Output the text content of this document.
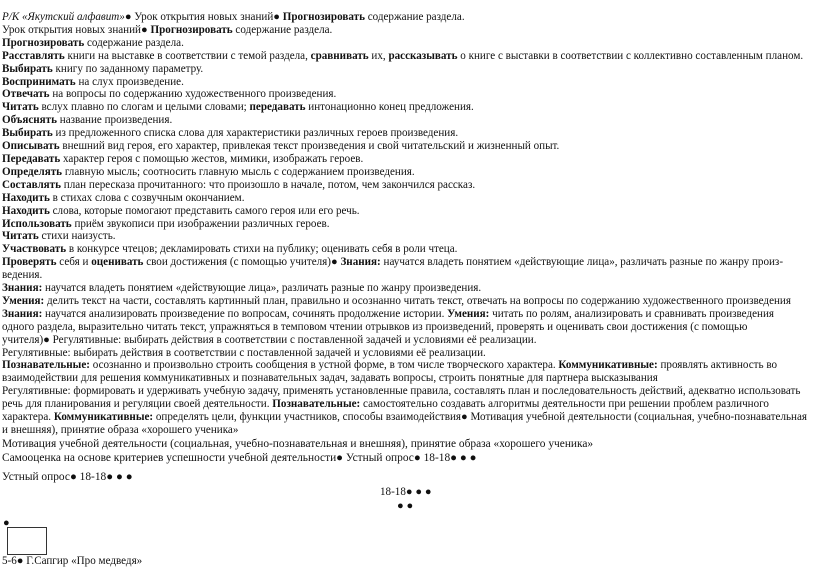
Р/К «Якутский алфавит»● Урок открытия новых знаний● Прогнозировать содержание раздела.

Урок открытия новых знаний● Прогнозировать содержание раздела.

Прогнозировать содержание раздела.

Расставлять книги на выставке в соответствии с темой раздела, сравнивать их, рассказывать о книге с выставки в соответствии с коллективно составленным планом.

Выбирать книгу по заданному параметру.

Воспринимать на слух произведение.

Отвечать на вопросы по содержанию художественного произведения.

Читать вслух плавно по слогам и целыми словами; передавать интонационно конец предложения.

Объяснять название произведения.

Выбирать из предложенного списка слова для характеристики различных героев произведения.

Описывать внешний вид героя, его характер, привлекая текст произведения и свой читательский и жизненный опыт.

Передавать характер героя с помощью жестов, мимики, изображать героев.

Определять главную мысль; соотносить главную мысль с содержанием произведения.

Составлять план пересказа прочитанного: что произошло в начале, потом, чем закончился рассказ.

Находить в стихах слова с созвучным окончанием.

Находить слова, которые помогают представить самого героя или его речь.

Использовать приём звукописи при изображении различных героев.

Читать стихи наизусть.

Участвовать в конкурсе чтецов; декламировать стихи на публику; оценивать себя в роли чтеца.

Проверять себя и оценивать свои достижения (с помощью учителя)● Знания: научатся владеть понятием «действующие лица», различать разные по жанру произ-

ведения.

Знания: научатся владеть понятием «действующие лица», различать разные по жанру произведения.

Умения: делить текст на части, составлять картинный план, правильно и осознанно читать текст, отвечать на вопросы по содержанию художественного произведения

Знания: научатся анализировать произведение по вопросам, сочинять продолжение истории. Умения: читать по ролям, анализировать и сравнивать произведения

одного раздела, выразительно читать текст, упражняться в темповом чтении отрывков из произведений, проверять и оценивать свои достижения (с помощью

учителя)● Регулятивные: выбирать действия в соответствии с поставленной задачей и условиями её реализации.

Регулятивные: выбирать действия в соответствии с поставленной задачей и условиями её реализации.

Познавательные: осознанно и произвольно строить сообщения в устной форме, в том числе творческого характера. Коммуникативные: проявлять активность во

взаимодействии для решения коммуникативных и познавательных задач, задавать вопросы, строить понятные для партнера высказывания

Регулятивные: формировать и удерживать учебную задачу, применять установленные правила, составлять план и последовательность действий, адекватно использовать

речь для планирования и регуляции своей деятельности. Познавательные: самостоятельно создавать алгоритмы деятельности при решении проблем различного

характера. Коммуникативные: определять цели, функции участников, способы взаимодействия● Мотивация учебной деятельности (социальная, учебно-познавательная

и внешняя), принятие образа «хорошего ученика»

Мотивация учебной деятельности (социальная, учебно-познавательная и внешняя), принятие образа «хорошего ученика»

Самооценка на основе критериев успешности учебной деятельности● Устный опрос● 18-18● ● ●

Устный опрос● 18-18● ● ●

18-18● ● ●
● ●
●
5-6● Г.Сапгир «Про медведя»
